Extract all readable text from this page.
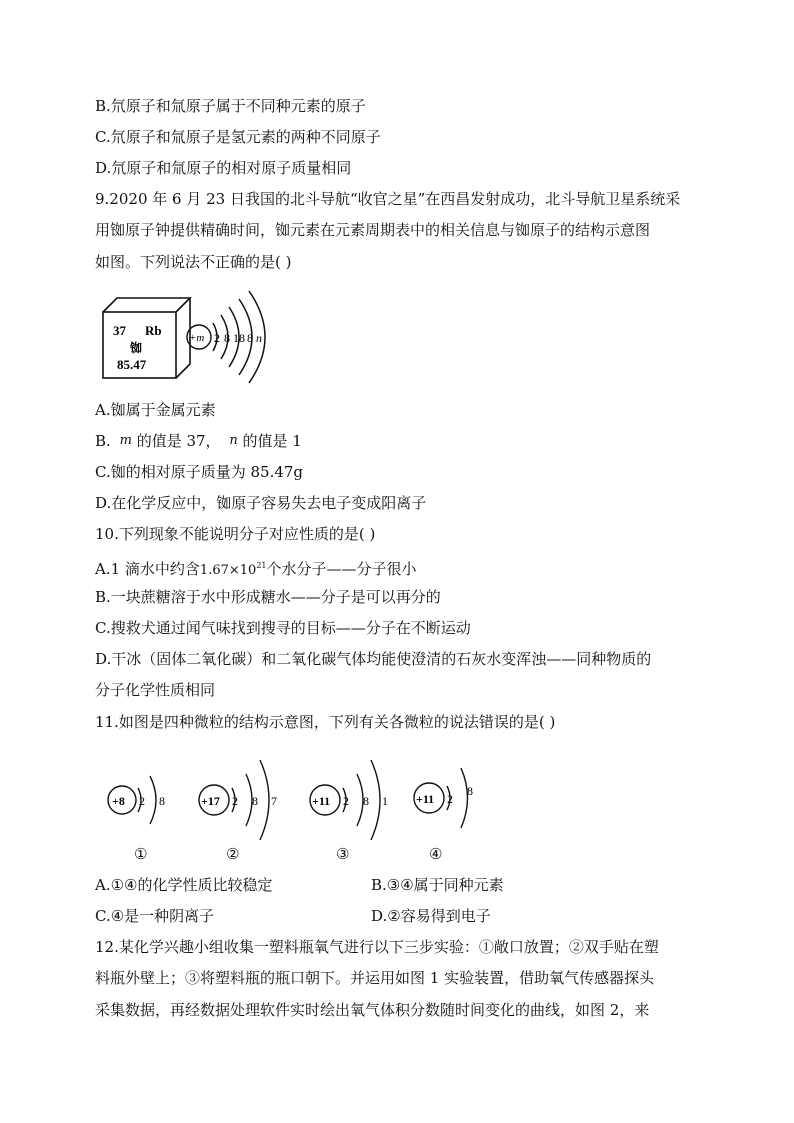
B.氘原子和氚原子属于不同种元素的原子
C.氘原子和氚原子是氢元素的两种不同原子
D.氘原子和氚原子的相对原子质量相同
9.2020 年 6 月 23 日我国的北斗导航“收官之星”在西昌发射成功，北斗导航卫星系统采
用铷原子钟提供精确时间，铷元素在元素周期表中的相关信息与铷原子的结构示意图
如图。下列说法不正确的是( )
37 Rb
铷
85.47
+m 2 8 18 8 n
A.铷属于金属元素
B. m 的值是 37， n 的值是 1
C.铷的相对原子质量为 85.47g
D.在化学反应中，铷原子容易失去电子变成阳离子
10.下列现象不能说明分子对应性质的是( )
A.1 滴水中约含$1.67\times 10^{21}$个水分子——分子很小
B.一块蔗糖溶于水中形成糖水——分子是可以再分的
C.搜救犬通过闻气味找到搜寻的目标——分子在不断运动
D.干冰（固体二氧化碳）和二氧化碳气体均能使澄清的石灰水变浑浊——同种物质的
分子化学性质相同
11.如图是四种微粒的结构示意图，下列有关各微粒的说法错误的是( )
+8 2 8	+17 2 8 7	+11 2 8 1 +11 2
8
①	②	③	④
A.①④的化学性质比较稳定	B.③④属于同种元素
C.④是一种阴离子	D.②容易得到电子
12.某化学兴趣小组收集一塑料瓶氧气进行以下三步实验：①敞口放置；②双手贴在塑
料瓶外壁上；③将塑料瓶的瓶口朝下。并运用如图 1 实验装置，借助氧气传感器探头
采集数据，再经数据处理软件实时绘出氧气体积分数随时间变化的曲线，如图 2，来
